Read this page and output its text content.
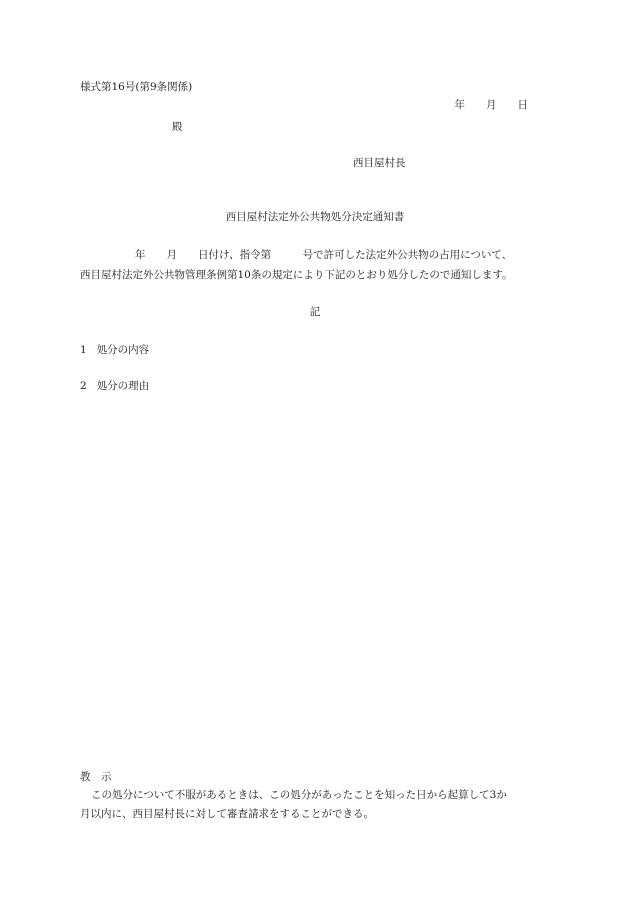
様式第16号(第9条関係)
年　　月　　日
殿
西目屋村長
西目屋村法定外公共物処分決定通知書
年　　月　　日付け、指令第　　　号で許可した法定外公共物の占用について、
西目屋村法定外公共物管理条例第10条の規定により下記のとおり処分したので通知します。
記
1 処分の内容
2 処分の理由
教　示
この処分について不服があるときは、この処分があったことを知った日から起算して3か
月以内に、西目屋村長に対して審査請求をすることができる。
